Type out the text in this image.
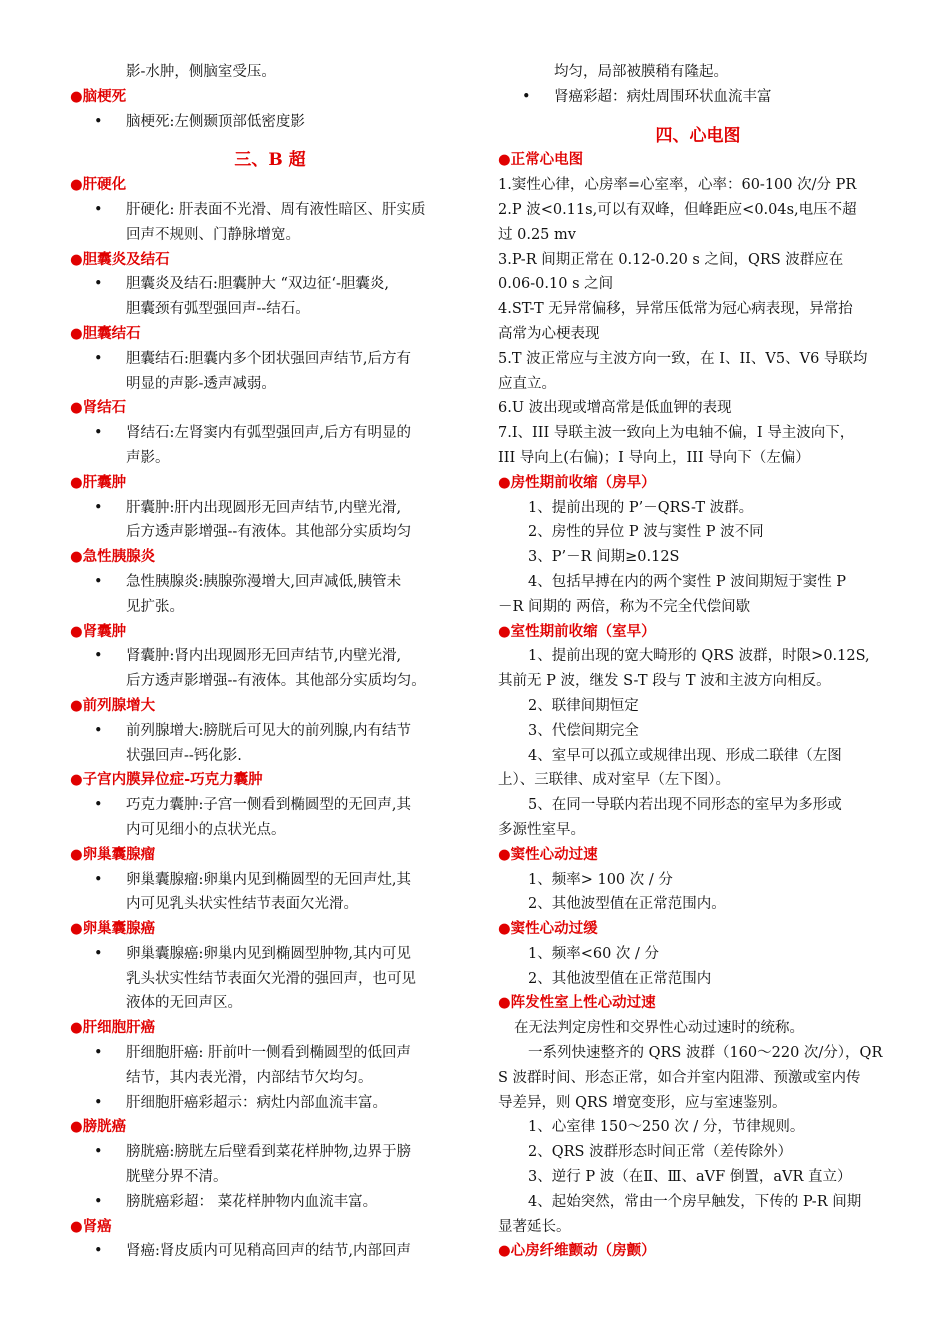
影-水肿，侧脑室受压。
●脑梗死
• 脑梗死:左侧颞顶部低密度影
三、B 超
●肝硬化
• 肝硬化: 肝表面不光滑、周有液性暗区、肝实质
回声不规则、门静脉增宽。
●胆囊炎及结石
• 胆囊炎及结石:胆囊肿大 “双边征‘-胆囊炎,
胆囊颈有弧型强回声--结石。
●胆囊结石
• 胆囊结石:胆囊内多个团状强回声结节,后方有
明显的声影-透声减弱。
●肾结石
• 肾结石:左肾窦内有弧型强回声,后方有明显的
声影。
●肝囊肿
• 肝囊肿:肝内出现圆形无回声结节,内壁光滑,
后方透声影增强--有液体。其他部分实质均匀
●急性胰腺炎
• 急性胰腺炎:胰腺弥漫增大,回声减低,胰管未
见扩张。
●肾囊肿
• 肾囊肿:肾内出现圆形无回声结节,内壁光滑,
后方透声影增强--有液体。其他部分实质均匀。
●前列腺增大
• 前列腺增大:膀胱后可见大的前列腺,内有结节
状强回声--钙化影.
●子宫内膜异位症-巧克力囊肿
• 巧克力囊肿:子宫一侧看到椭圆型的无回声,其
内可见细小的点状光点。
●卵巢囊腺瘤
• 卵巢囊腺瘤:卵巢内见到椭圆型的无回声灶,其
内可见乳头状实性结节表面欠光滑。
●卵巢囊腺癌
• 卵巢囊腺癌:卵巢内见到椭圆型肿物,其内可见
乳头状实性结节表面欠光滑的强回声，也可见
液体的无回声区。
●肝细胞肝癌
• 肝细胞肝癌: 肝前叶一侧看到椭圆型的低回声
结节，其内表光滑，内部结节欠均匀。
• 肝细胞肝癌彩超示：病灶内部血流丰富。
●膀胱癌
• 膀胱癌:膀胱左后壁看到菜花样肿物,边界于膀
胱壁分界不清。
• 膀胱癌彩超： 菜花样肿物内血流丰富。
●肾癌
• 肾癌:肾皮质内可见稍高回声的结节,内部回声
均匀，局部被膜稍有隆起。
• 肾癌彩超：病灶周围环状血流丰富
四、心电图
●正常心电图
1.窦性心律，心房率=心室率，心率：60-100 次/分 PR
2.P 波<0.11s,可以有双峰，但峰距应<0.04s,电压不超
过 0.25 mv
3.P-R 间期正常在 0.12-0.20 s 之间，QRS 波群应在
0.06-0.10 s 之间
4.ST-T 无异常偏移，异常压低常为冠心病表现，异常抬
高常为心梗表现
5.T 波正常应与主波方向一致，在 I、II、V5、V6 导联均
应直立。
6.U 波出现或增高常是低血钾的表现
7.I、III 导联主波一致向上为电轴不偏，I 导主波向下，
III 导向上(右偏)；I 导向上，III 导向下（左偏）
●房性期前收缩（房早）
1、提前出现的 P’－QRS-T 波群。
2、房性的异位 P 波与窦性 P 波不同
3、P’－R 间期≥0.12S
4、包括早搏在内的两个窦性 P 波间期短于窦性 P
－R 间期的 两倍，称为不完全代偿间歇
●室性期前收缩（室早）
1、提前出现的宽大畸形的 QRS 波群，时限>0.12S,
其前无 P 波，继发 S-T 段与 T 波和主波方向相反。
2、联律间期恒定
3、代偿间期完全
4、室早可以孤立或规律出现、形成二联律（左图
上）、三联律、成对室早（左下图）。
5、在同一导联内若出现不同形态的室早为多形或
多源性室早。
●窦性心动过速
1、频率> 100 次 / 分
2、其他波型值在正常范围内。
●窦性心动过缓
1、频率<60 次 / 分
2、其他波型值在正常范围内
●阵发性室上性心动过速
在无法判定房性和交界性心动过速时的统称。
一系列快速整齐的 QRS 波群（160～220 次/分），QR
S 波群时间、形态正常，如合并室内阻滞、预激或室内传
导差异，则 QRS 增宽变形，应与室速鉴别。
1、心室律 150～250 次 / 分，节律规则。
2、QRS 波群形态时间正常（差传除外）
3、逆行 P 波（在Ⅱ、Ⅲ、aVF 倒置，aVR 直立）
4、起始突然，常由一个房早触发，下传的 P-R 间期
显著延长。
●心房纤维颤动（房颤）
